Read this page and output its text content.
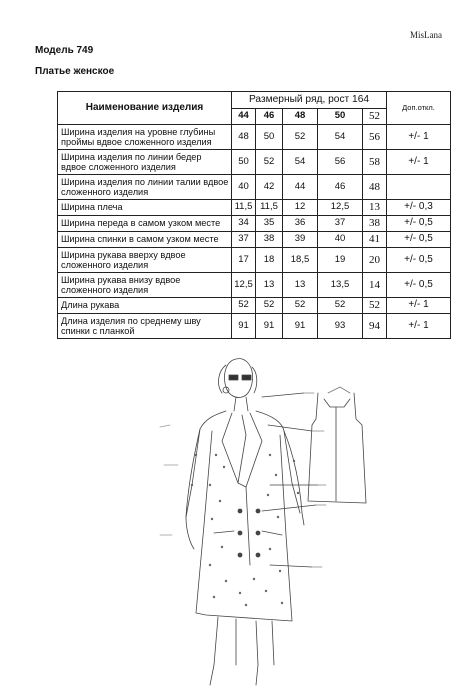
MisLana
Модель 749
Платье женское
Наименование изделия	Размерный ряд, рост 164					Доп.откл.
	44	46	48	50	52	
Ширина изделия на уровне глубины проймы вдвое сложенного изделия	48	50	52	54	56	+/- 1
Ширина изделия по линии бедер вдвое сложенного изделия	50	52	54	56	58	+/- 1
Ширина изделия по линии талии вдвое сложенного изделия	40	42	44	46	48	
Ширина плеча	11,5	11,5	12	12,5	13	+/- 0,3
Ширина переда в самом узком месте	34	35	36	37	38	+/- 0,5
Ширина спинки в самом узком месте	37	38	39	40	41	+/- 0,5
Ширина рукава вверху вдвое сложенного изделия	17	18	18,5	19	20	+/- 0,5
Ширина рукава внизу вдвое сложенного изделия	12,5	13	13	13,5	14	+/- 0,5
Длина рукава	52	52	52	52	52	+/- 1
Длина изделия по среднему шву спинки с планкой	91	91	91	93	94	+/- 1
